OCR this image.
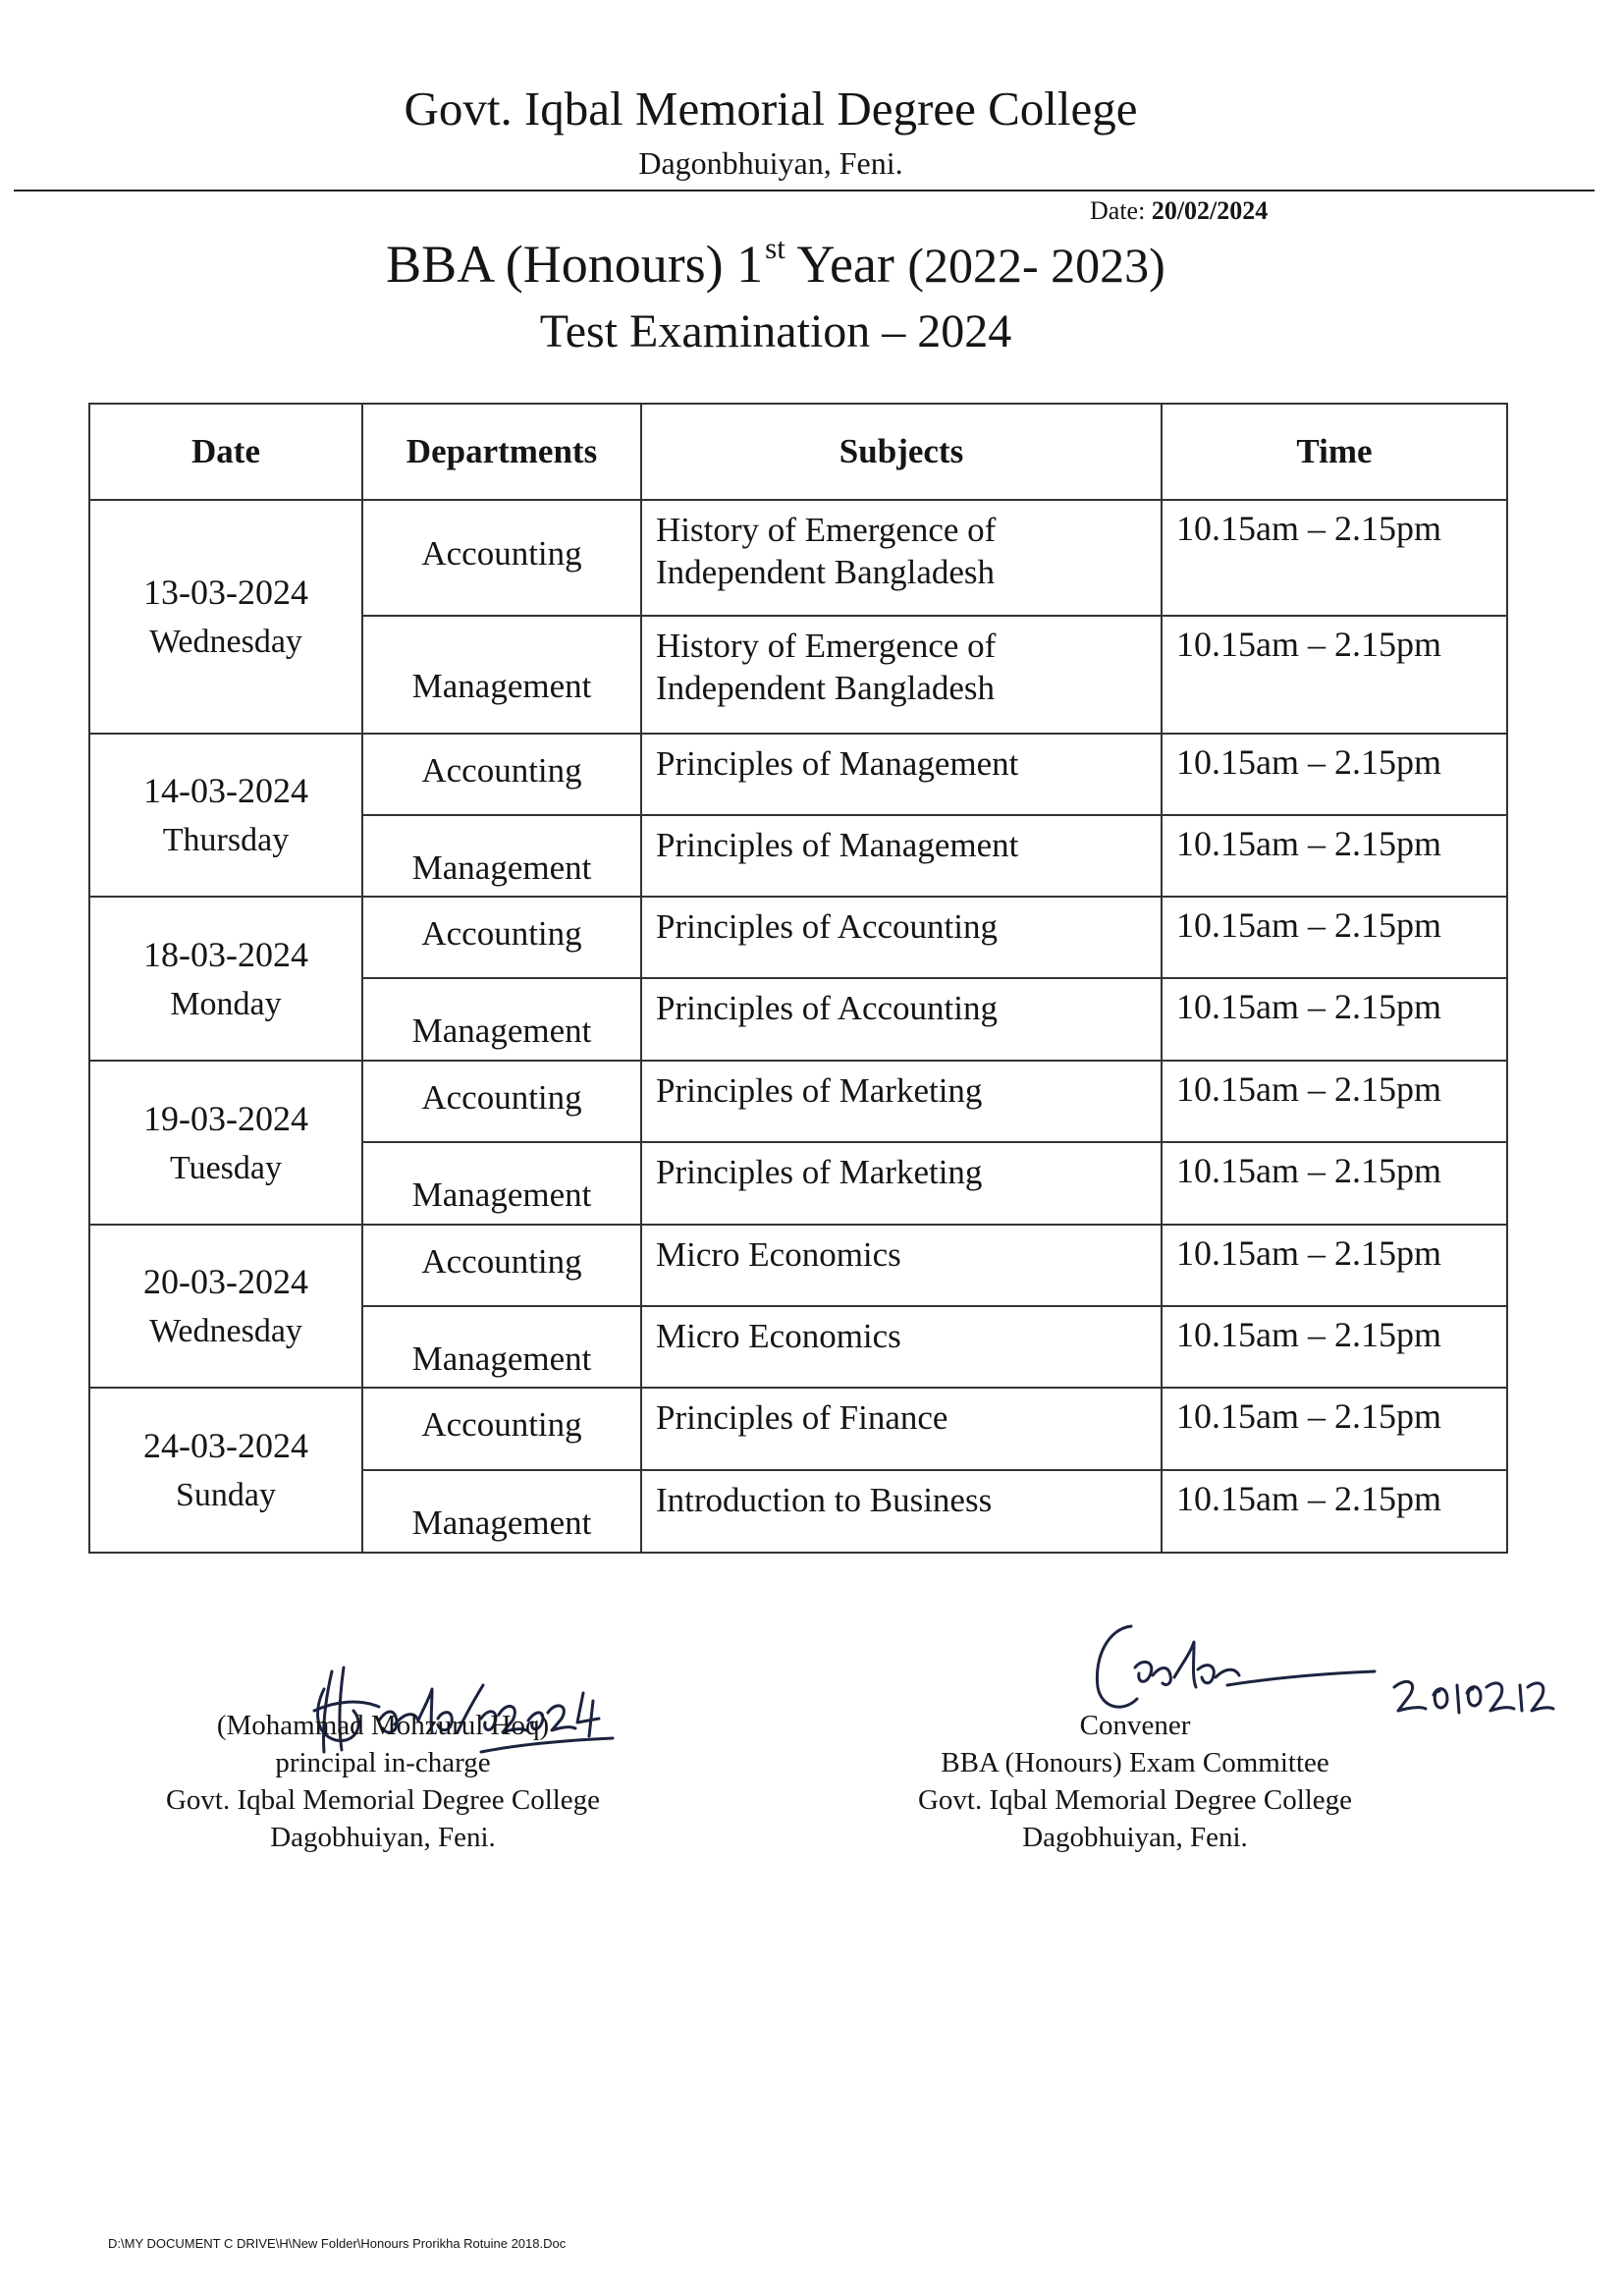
Govt. Iqbal Memorial Degree College
Dagonbhuiyan, Feni.
Date: 20/02/2024
BBA (Honours) 1st Year (2022- 2023)
Test Examination – 2024
Date	Departments	Subjects	Time

13-03-2024
Wednesday	Accounting	History of Emergence of
Independent Bangladesh	10.15am – 2.15pm
	Management	History of Emergence of
Independent Bangladesh	10.15am – 2.15pm

14-03-2024
Thursday	Accounting	Principles of Management	10.15am – 2.15pm
	Management	Principles of Management	10.15am – 2.15pm

18-03-2024
Monday	Accounting	Principles of Accounting	10.15am – 2.15pm
	Management	Principles of Accounting	10.15am – 2.15pm

19-03-2024
Tuesday	Accounting	Principles of Marketing	10.15am – 2.15pm
	Management	Principles of Marketing	10.15am – 2.15pm

20-03-2024
Wednesday	Accounting	Micro Economics	10.15am – 2.15pm
	Management	Micro Economics	10.15am – 2.15pm

24-03-2024
Sunday	Accounting	Principles of Finance	10.15am – 2.15pm
	Management	Introduction to Business	10.15am – 2.15pm
(Mohammad Mohzurul Hoq)
principal in-charge
Govt. Iqbal Memorial Degree College
Dagobhuiyan, Feni.
Convener
BBA (Honours) Exam Committee
Govt. Iqbal Memorial Degree College
Dagobhuiyan, Feni.
D:\MY DOCUMENT C DRIVE\H\New Folder\Honours Prorikha Rotuine 2018.Doc
